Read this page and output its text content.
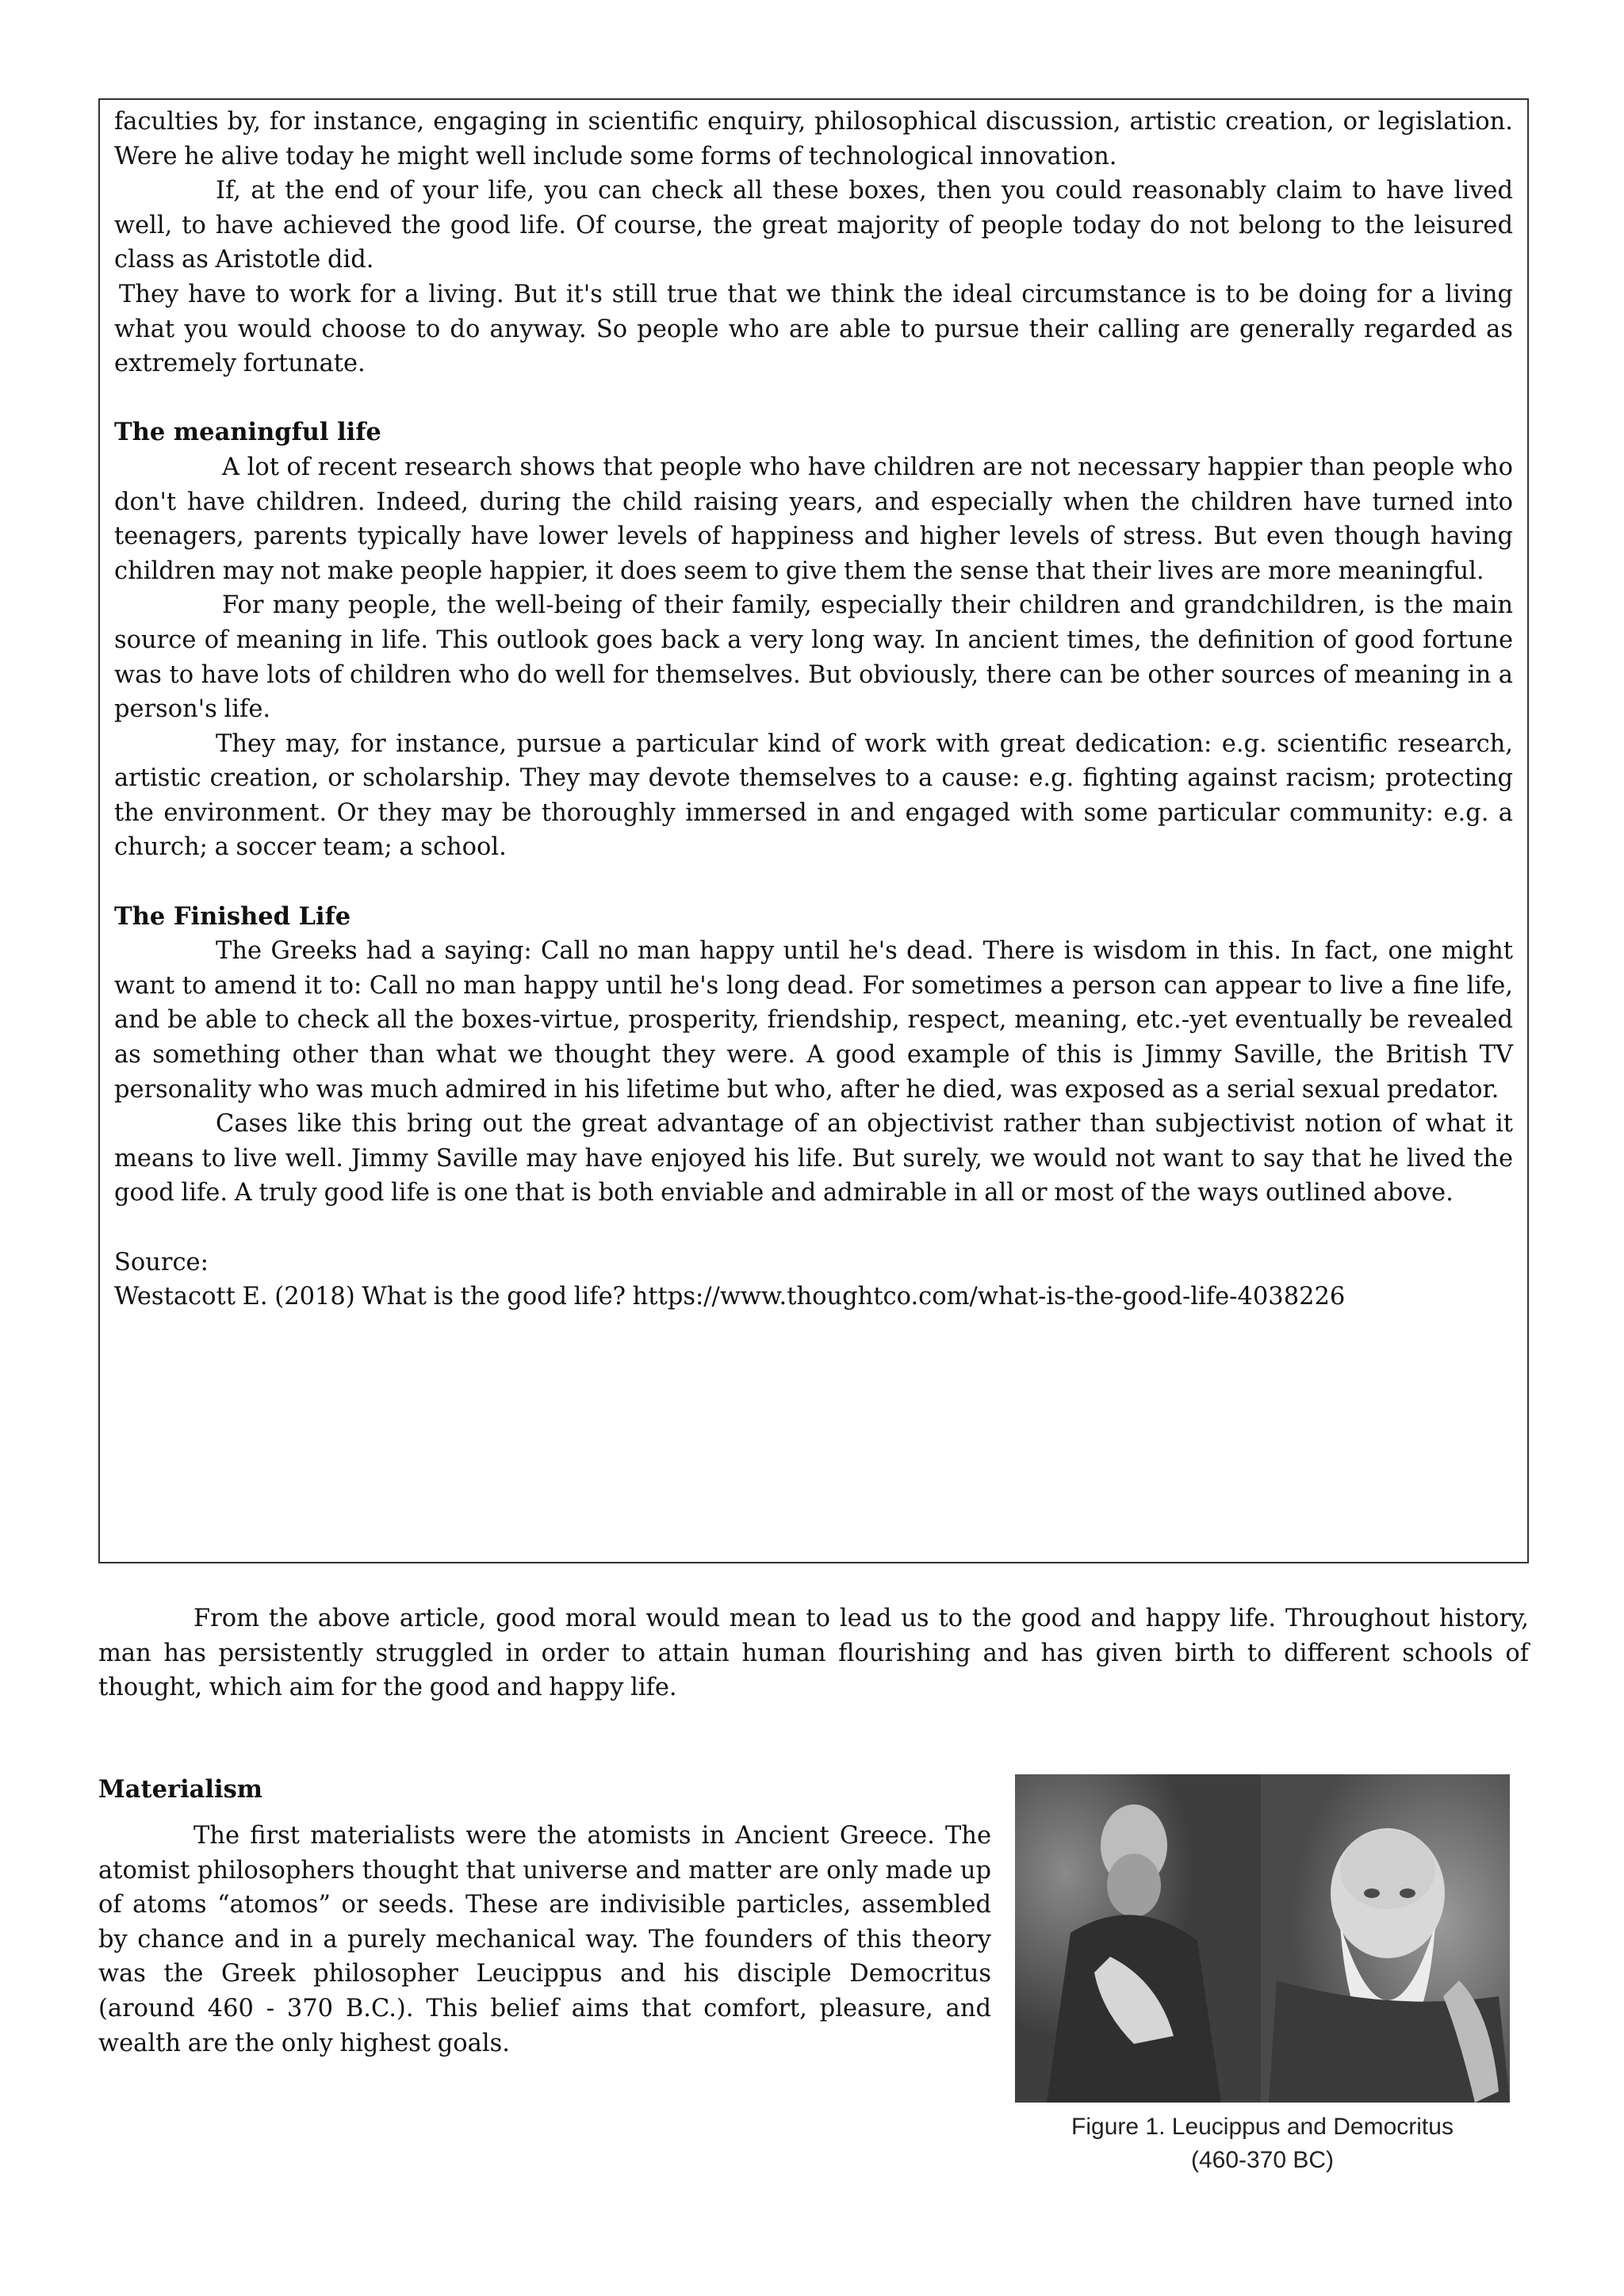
faculties by, for instance, engaging in scientific enquiry, philosophical discussion, artistic creation, or legislation. Were he alive today he might well include some forms of technological innovation.

If, at the end of your life, you can check all these boxes, then you could reasonably claim to have lived well, to have achieved the good life. Of course, the great majority of people today do not belong to the leisured class as Aristotle did.

They have to work for a living. But it's still true that we think the ideal circumstance is to be doing for a living what you would choose to do anyway. So people who are able to pursue their calling are generally regarded as extremely fortunate.

The meaningful life

A lot of recent research shows that people who have children are not necessary happier than people who don't have children. Indeed, during the child raising years, and especially when the children have turned into teenagers, parents typically have lower levels of happiness and higher levels of stress. But even though having children may not make people happier, it does seem to give them the sense that their lives are more meaningful.

For many people, the well-being of their family, especially their children and grandchildren, is the main source of meaning in life. This outlook goes back a very long way. In ancient times, the definition of good fortune was to have lots of children who do well for themselves. But obviously, there can be other sources of meaning in a person's life.

They may, for instance, pursue a particular kind of work with great dedication: e.g. scientific research, artistic creation, or scholarship. They may devote themselves to a cause: e.g. fighting against racism; protecting the environment. Or they may be thoroughly immersed in and engaged with some particular community: e.g. a church; a soccer team; a school.

The Finished Life

The Greeks had a saying: Call no man happy until he's dead. There is wisdom in this. In fact, one might want to amend it to: Call no man happy until he's long dead. For sometimes a person can appear to live a fine life, and be able to check all the boxes-virtue, prosperity, friendship, respect, meaning, etc.-yet eventually be revealed as something other than what we thought they were. A good example of this is Jimmy Saville, the British TV personality who was much admired in his lifetime but who, after he died, was exposed as a serial sexual predator.

Cases like this bring out the great advantage of an objectivist rather than subjectivist notion of what it means to live well. Jimmy Saville may have enjoyed his life. But surely, we would not want to say that he lived the good life. A truly good life is one that is both enviable and admirable in all or most of the ways outlined above.

Source:

Westacott E. (2018) What is the good life? https://www.thoughtco.com/what-is-the-good-life-4038226

From the above article, good moral would mean to lead us to the good and happy life. Throughout history, man has persistently struggled in order to attain human flourishing and has given birth to different schools of thought, which aim for the good and happy life.

Materialism

The first materialists were the atomists in Ancient Greece. The atomist philosophers thought that universe and matter are only made up of atoms “atomos” or seeds. These are indivisible particles, assembled by chance and in a purely mechanical way. The founders of this theory was the Greek philosopher Leucippus and his disciple Democritus (around 460 - 370 B.C.). This belief aims that comfort, pleasure, and wealth are the only highest goals.

Figure 1. Leucippus and Democritus
(460-370 BC)
